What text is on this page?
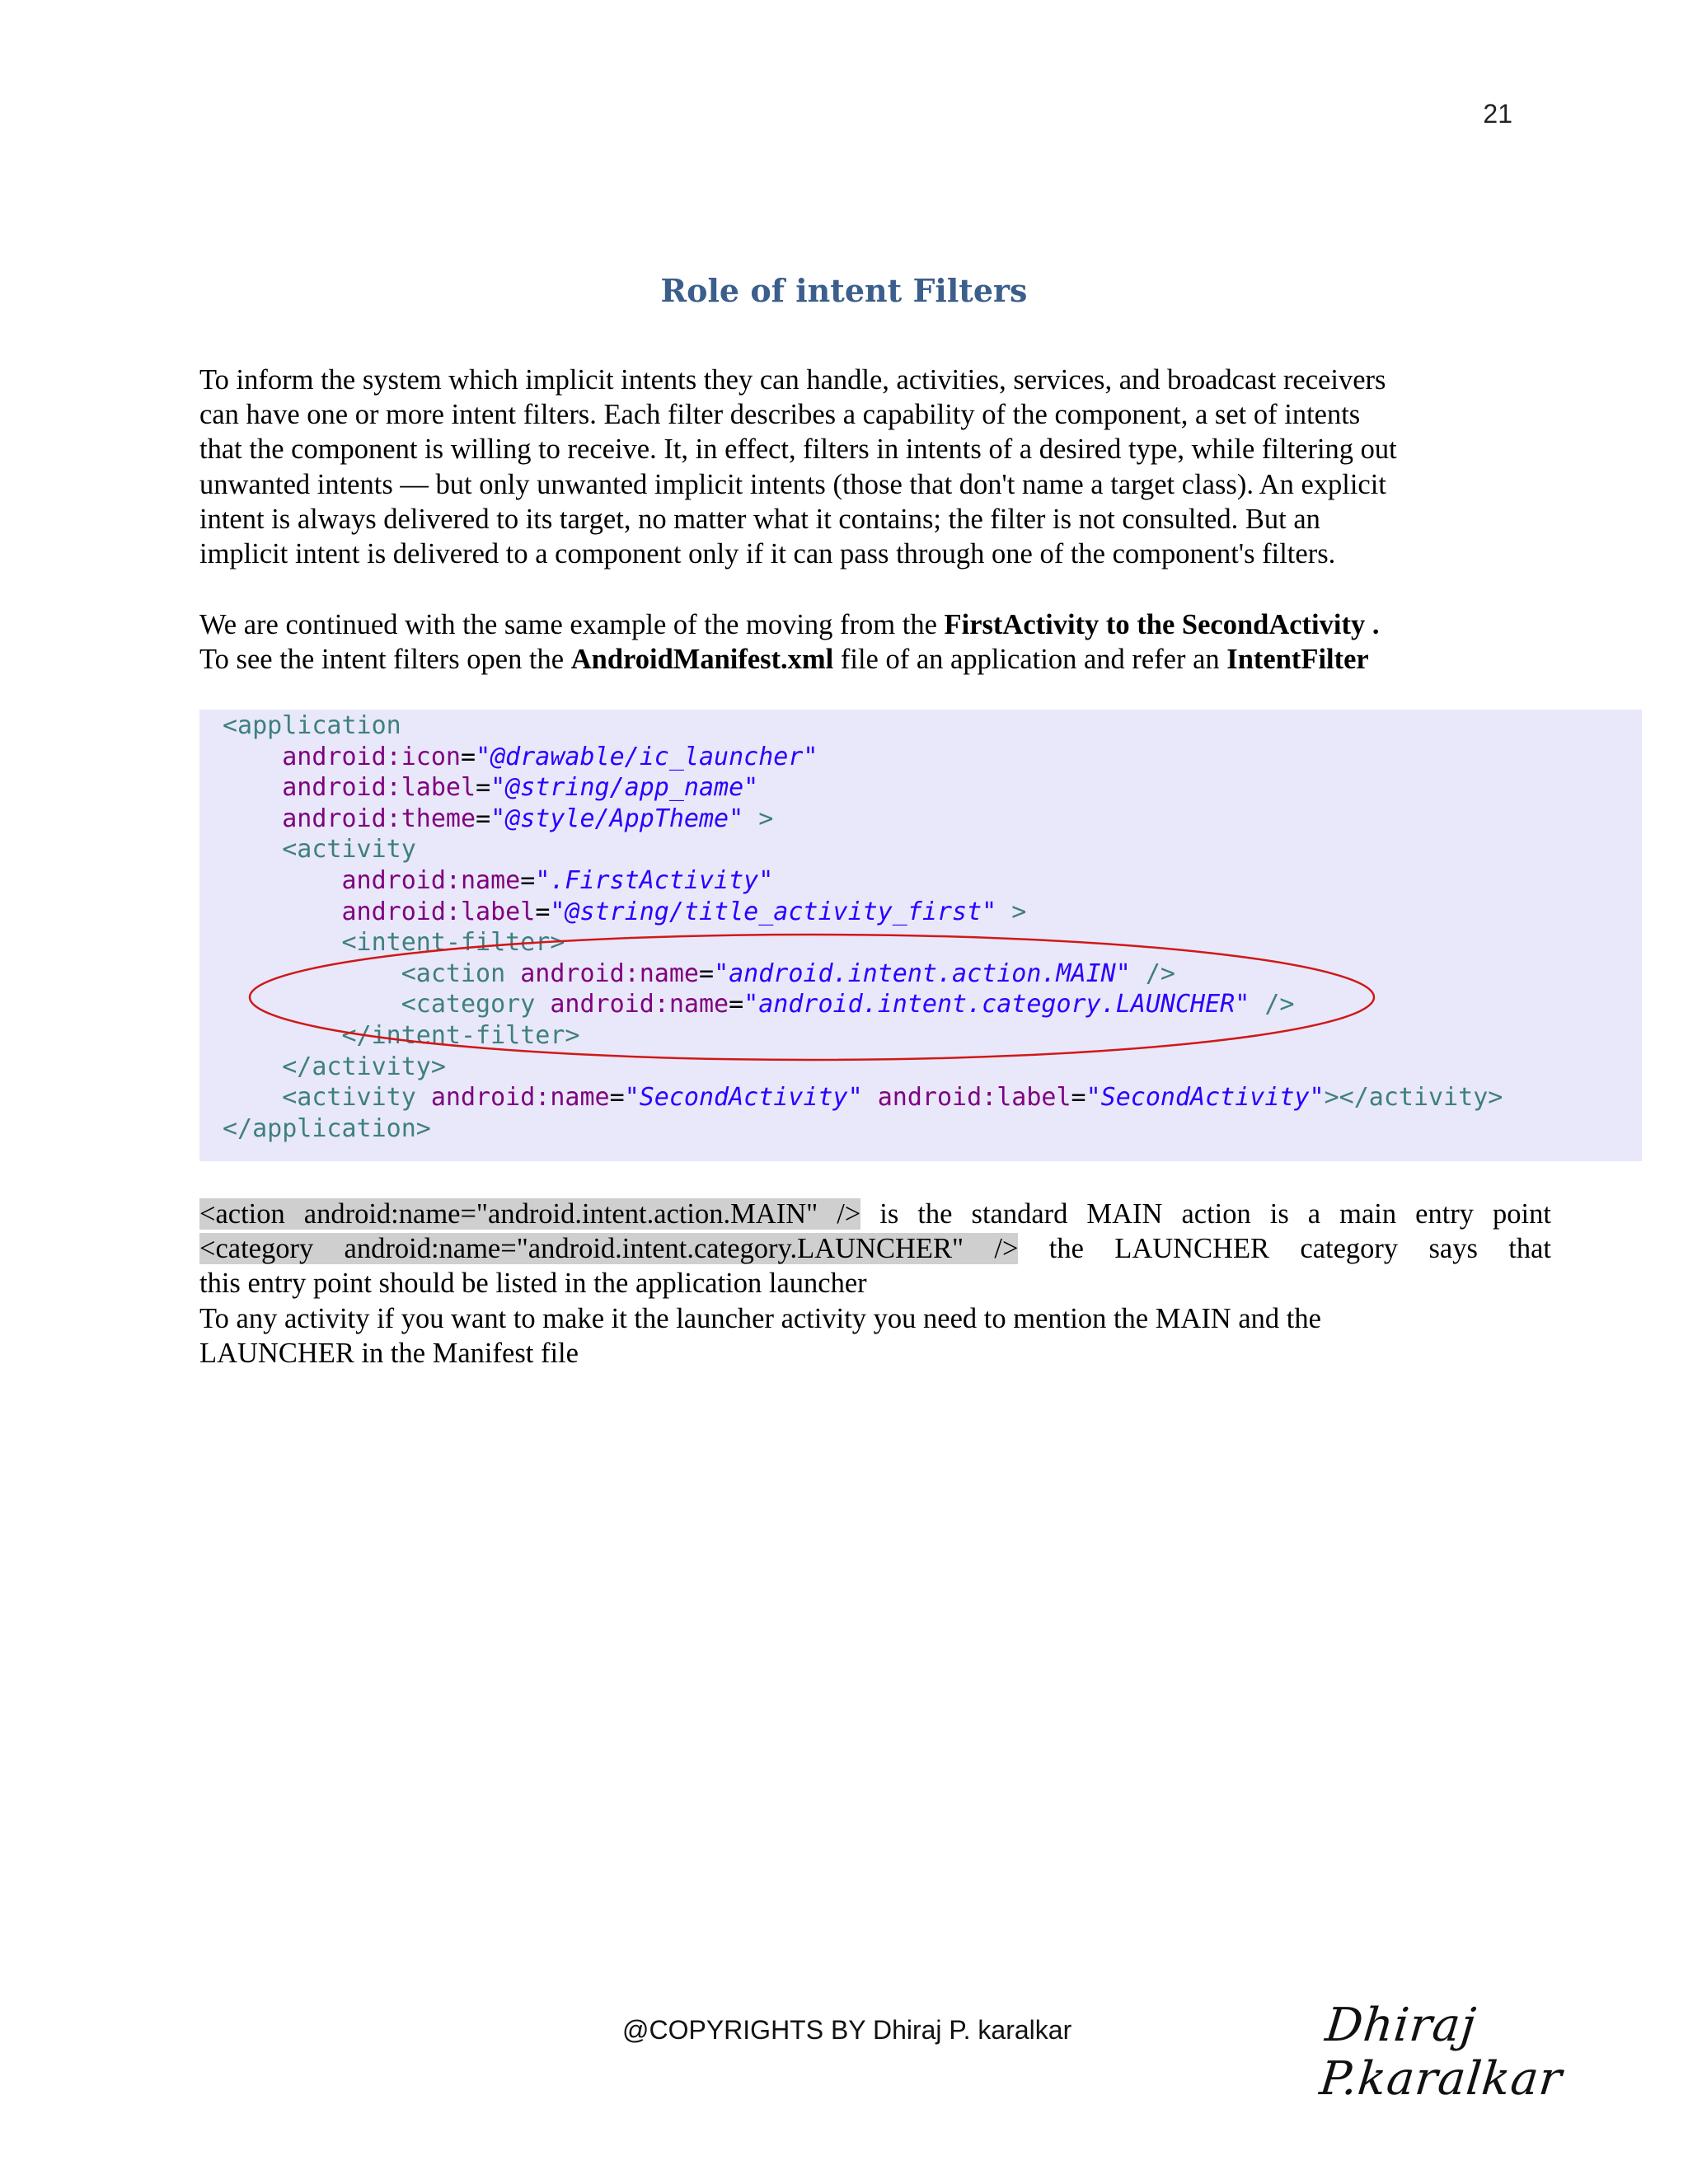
21
Role of intent Filters
To inform the system which implicit intents they can handle, activities, services, and broadcast receivers
can have one or more intent filters. Each filter describes a capability of the component, a set of intents
that the component is willing to receive. It, in effect, filters in intents of a desired type, while filtering out
unwanted intents — but only unwanted implicit intents (those that don't name a target class). An explicit
intent is always delivered to its target, no matter what it contains; the filter is not consulted. But an
implicit intent is delivered to a component only if it can pass through one of the component's filters.
We are continued with the same example of the moving from the FirstActivity to the SecondActivity .
To see the intent filters open the AndroidManifest.xml file of an application and refer an IntentFilter
<application
android:icon="@drawable/ic_launcher"
android:label="@string/app_name"
android:theme="@style/AppTheme" >
<activity
android:name=".FirstActivity"
android:label="@string/title_activity_first" >
<intent-filter>
<action android:name="android.intent.action.MAIN" />
<category android:name="android.intent.category.LAUNCHER" />
</intent-filter>
</activity>
<activity android:name="SecondActivity" android:label="SecondActivity"></activity>
</application>
<action android:name="android.intent.action.MAIN" /> is the standard MAIN action is a main entry point
<category android:name="android.intent.category.LAUNCHER" /> the LAUNCHER category says that
this entry point should be listed in the application launcher
To any activity if you want to make it the launcher activity you need to mention the MAIN and the
LAUNCHER in the Manifest file
@COPYRIGHTS BY Dhiraj P. karalkar	Dhiraj P.karalkar
